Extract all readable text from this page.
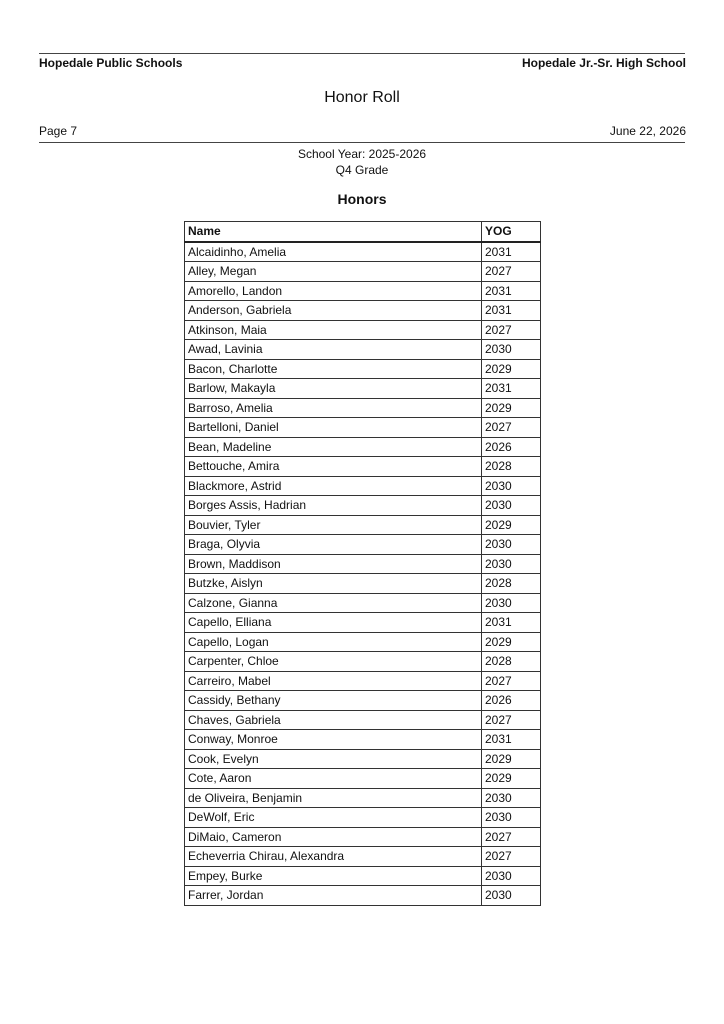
Hopedale Public Schools	Hopedale Jr.-Sr. High School
Honor Roll
Page 7	June 22, 2026
School Year: 2025-2026
Q4 Grade
Honors
Name	YOG
Alcaidinho, Amelia	2031
Alley, Megan	2027
Amorello, Landon	2031
Anderson, Gabriela	2031
Atkinson, Maia	2027
Awad, Lavinia	2030
Bacon, Charlotte	2029
Barlow, Makayla	2031
Barroso, Amelia	2029
Bartelloni, Daniel	2027
Bean, Madeline	2026
Bettouche, Amira	2028
Blackmore, Astrid	2030
Borges Assis, Hadrian	2030
Bouvier, Tyler	2029
Braga, Olyvia	2030
Brown, Maddison	2030
Butzke, Aislyn	2028
Calzone, Gianna	2030
Capello, Elliana	2031
Capello, Logan	2029
Carpenter, Chloe	2028
Carreiro, Mabel	2027
Cassidy, Bethany	2026
Chaves, Gabriela	2027
Conway, Monroe	2031
Cook, Evelyn	2029
Cote, Aaron	2029
de Oliveira, Benjamin	2030
DeWolf, Eric	2030
DiMaio, Cameron	2027
Echeverria Chirau, Alexandra	2027
Empey, Burke	2030
Farrer, Jordan	2030
